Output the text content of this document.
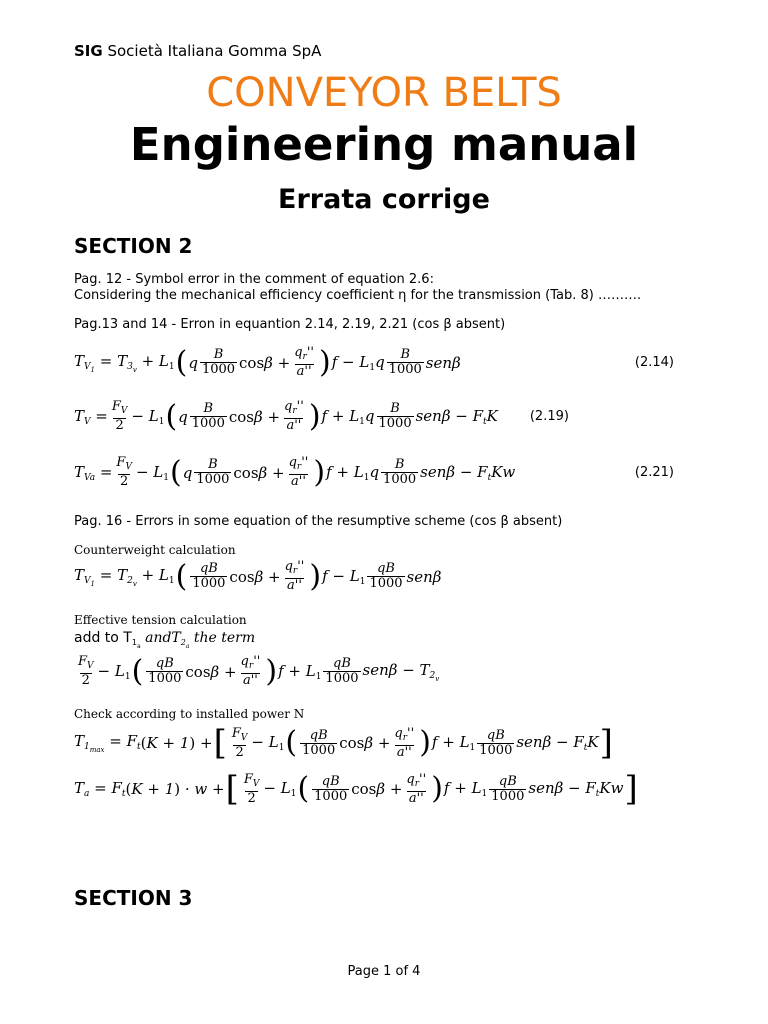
SIG Società Italiana Gomma SpA
CONVEYOR BELTS
Engineering manual
Errata corrige
SECTION 2
Pag. 12 - Symbol error in the comment of equation 2.6:
Considering the mechanical efficiency coefficient η for the transmission (Tab. 8) ……….
Pag.13 and 14 - Erron in equantion 2.14, 2.19, 2.21 (cos β absent)
$T_{V_1} = T_{3_v} + L_1$ ( q $\frac{B}{1000}$ $\cos \beta + \frac{q_r''}{a''}$ ) $f - L_1q \frac{B}{1000}$ senβ	(2.14)
$T_V = \frac{F_V}{2} - L_1$ ( q $\frac{B}{1000}$ $\cos \beta + \frac{q_r''}{a''}$ ) $f + L_1q \frac{B}{1000}$ $sen\beta - F_tK$ (2.19)
$T_{Va} = \frac{F_V}{2} - L_1$ ( q $\frac{B}{1000}$ $\cos \beta + \frac{q_r''}{a''}$ ) $f + L_1q \frac{B}{1000}$ $sen\beta - F_tKw$	(2.21)
Pag. 16 - Errors in some equation of the resumptive scheme (cos β absent)
Counterweight calculation
$T_{V_1} = T_{2_v} + L_1$ ( $\frac{qB}{1000}$ $\cos \beta + \frac{q_r''}{a''}$ ) $f - L_1 \frac{qB}{1000}$ senβ
Effective tension calculation
add to $T_{1_a}$ andT$_{2_a}$ the term
$\frac{F_V}{2} - L_1$ ( $\frac{qB}{1000}$ $\cos \beta + \frac{q_r''}{a''}$ ) $f + L_1 \frac{qB}{1000}$ $sen\beta - T_{2_v}$
Check according to installed power N
$T_{1_{max}} = F_t$ ( K + 1 ) + [ $\frac{F_V}{2} - L_1$ ( $\frac{qB}{1000}$ $\cos \beta + \frac{q_r''}{a''}$ ) $f + L_1 \frac{qB}{1000}$ $sen\beta - F_tK$ ]
$T_a = F_t$ ( K + 1 ) · w + [ $\frac{F_V}{2} - L_1$ ( $\frac{qB}{1000}$ $\cos \beta + \frac{q_r''}{a''}$ ) $f + L_1 \frac{qB}{1000}$ $sen\beta - F_tKw$ ]
SECTION 3
Page 1 of 4
